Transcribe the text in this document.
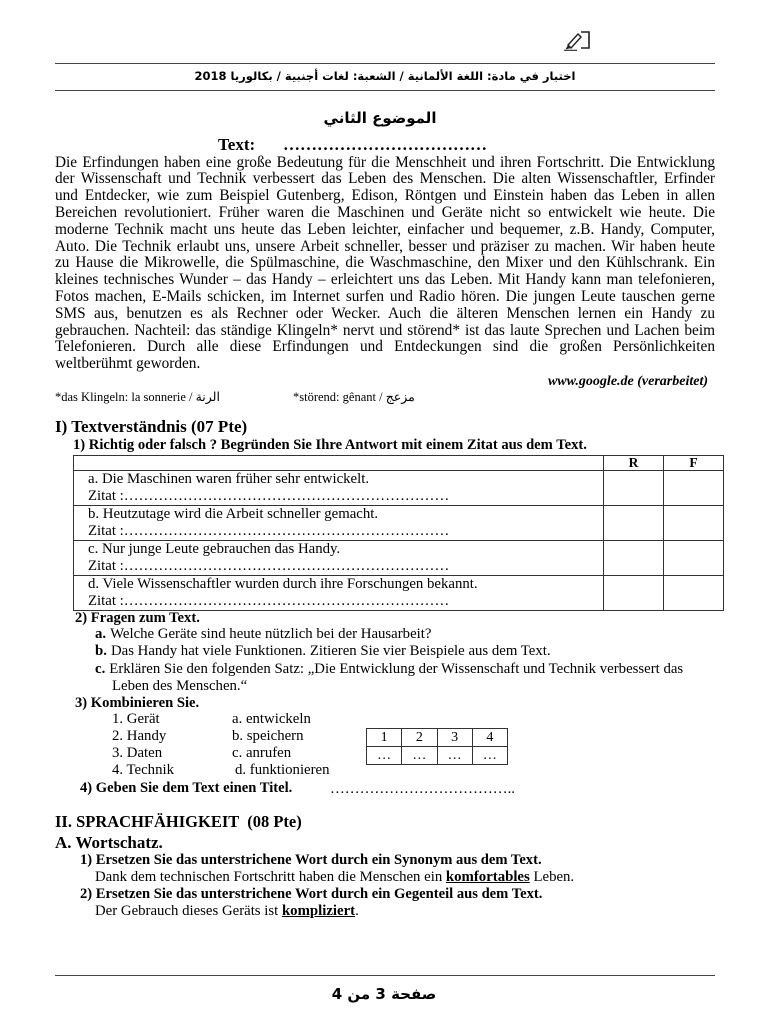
اختبار في مادة: اللغة الألمانية / الشعبة: لغات أجنبية / بكالوريا 2018
الموضوع الثاني
Text: ………………………………
Die Erfindungen haben eine große Bedeutung für die Menschheit und ihren Fortschritt. Die Entwicklung
der Wissenschaft und Technik verbessert das Leben des Menschen. Die alten Wissenschaftler, Erfinder
und Entdecker, wie zum Beispiel Gutenberg, Edison, Röntgen und Einstein haben das Leben in allen
Bereichen revolutioniert. Früher waren die Maschinen und Geräte nicht so entwickelt wie heute. Die
moderne Technik macht uns heute das Leben leichter, einfacher und bequemer, z.B. Handy, Computer,
Auto. Die Technik erlaubt uns, unsere Arbeit schneller, besser und präziser zu machen. Wir haben heute
zu Hause die Mikrowelle, die Spülmaschine, die Waschmaschine, den Mixer und den Kühlschrank. Ein
kleines technisches Wunder – das Handy – erleichtert uns das Leben. Mit Handy kann man telefonieren,
Fotos machen, E-Mails schicken, im Internet surfen und Radio hören. Die jungen Leute tauschen gerne
SMS aus, benutzen es als Rechner oder Wecker. Auch die älteren Menschen lernen ein Handy zu
gebrauchen. Nachteil: das ständige Klingeln* nervt und störend* ist das laute Sprechen und Lachen beim
Telefonieren. Durch alle diese Erfindungen und Entdeckungen sind die großen Persönlichkeiten
weltberühmt geworden.
www.google.de (verarbeitet)
*das Klingeln: la sonnerie / الرنة	*störend: gênant / مزعج
I) Textverständnis (07 Pte)
1) Richtig oder falsch ? Begründen Sie Ihre Antwort mit einem Zitat aus dem Text.
	R	F

a. Die Maschinen waren früher sehr entwickelt.
Zitat :…………………………………………………………		

b. Heutzutage wird die Arbeit schneller gemacht.
Zitat :…………………………………………………………		

c. Nur junge Leute gebrauchen das Handy.
Zitat :…………………………………………………………		

d. Viele Wissenschaftler wurden durch ihre Forschungen bekannt.
Zitat :…………………………………………………………		

2) Fragen zum Text.
a. Welche Geräte sind heute nützlich bei der Hausarbeit?
b. Das Handy hat viele Funktionen. Zitieren Sie vier Beispiele aus dem Text.
c. Erklären Sie den folgenden Satz: „Die Entwicklung der Wissenschaft und Technik verbessert das
Leben des Menschen.“
3) Kombinieren Sie.
1. Gerät
2. Handy
3. Daten
4. Technik
a. entwickeln
b. speichern
c. anrufen
d. funktionieren
1	2	3	4
…	…	…	…
4) Geben Sie dem Text einen Titel.	………………………………..
II. SPRACHFÄHIGKEIT  (08 Pte)
A. Wortschatz.
1) Ersetzen Sie das unterstrichene Wort durch ein Synonym aus dem Text.
Dank dem technischen Fortschritt haben die Menschen ein komfortables Leben.
2) Ersetzen Sie das unterstrichene Wort durch ein Gegenteil aus dem Text.
Der Gebrauch dieses Geräts ist kompliziert.
صفحة 3 من 4
